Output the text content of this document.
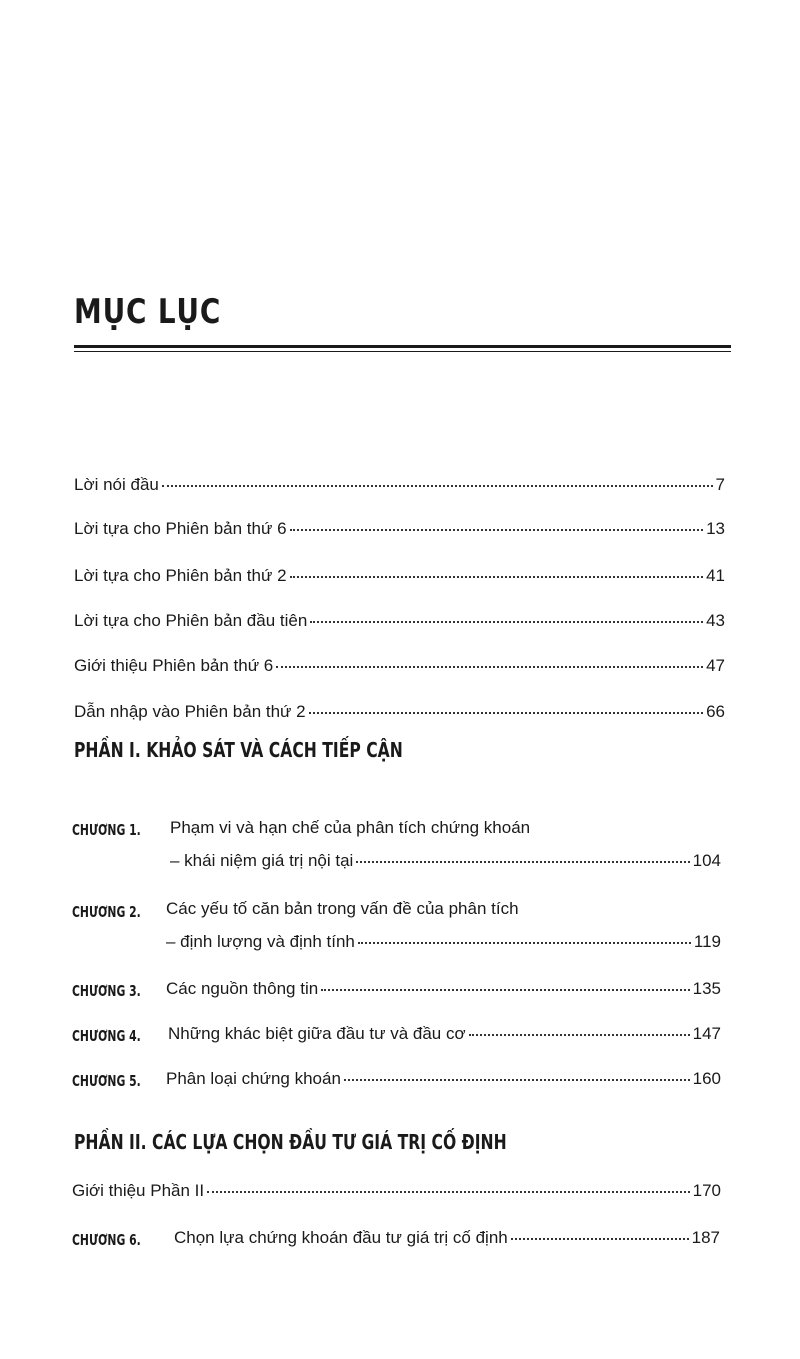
MỤC LỤC
Lời nói đầu	7
Lời tựa cho Phiên bản thứ 6	13
Lời tựa cho Phiên bản thứ 2	41
Lời tựa cho Phiên bản đầu tiên	43
Giới thiệu Phiên bản thứ 6	47
Dẫn nhập vào Phiên bản thứ 2	66
PHẦN I. KHẢO SÁT VÀ CÁCH TIẾP CẬN
CHƯƠNG 1. Phạm vi và hạn chế của phân tích chứng khoán
– khái niệm giá trị nội tại	104
CHƯƠNG 2. Các yếu tố căn bản trong vấn đề của phân tích
– định lượng và định tính	119
CHƯƠNG 3. Các nguồn thông tin	135
CHƯƠNG 4. Những khác biệt giữa đầu tư và đầu cơ	147
CHƯƠNG 5. Phân loại chứng khoán	160
PHẦN II. CÁC LỰA CHỌN ĐẦU TƯ GIÁ TRỊ CỐ ĐỊNH
Giới thiệu Phần II	170
CHƯƠNG 6. Chọn lựa chứng khoán đầu tư giá trị cố định	187
